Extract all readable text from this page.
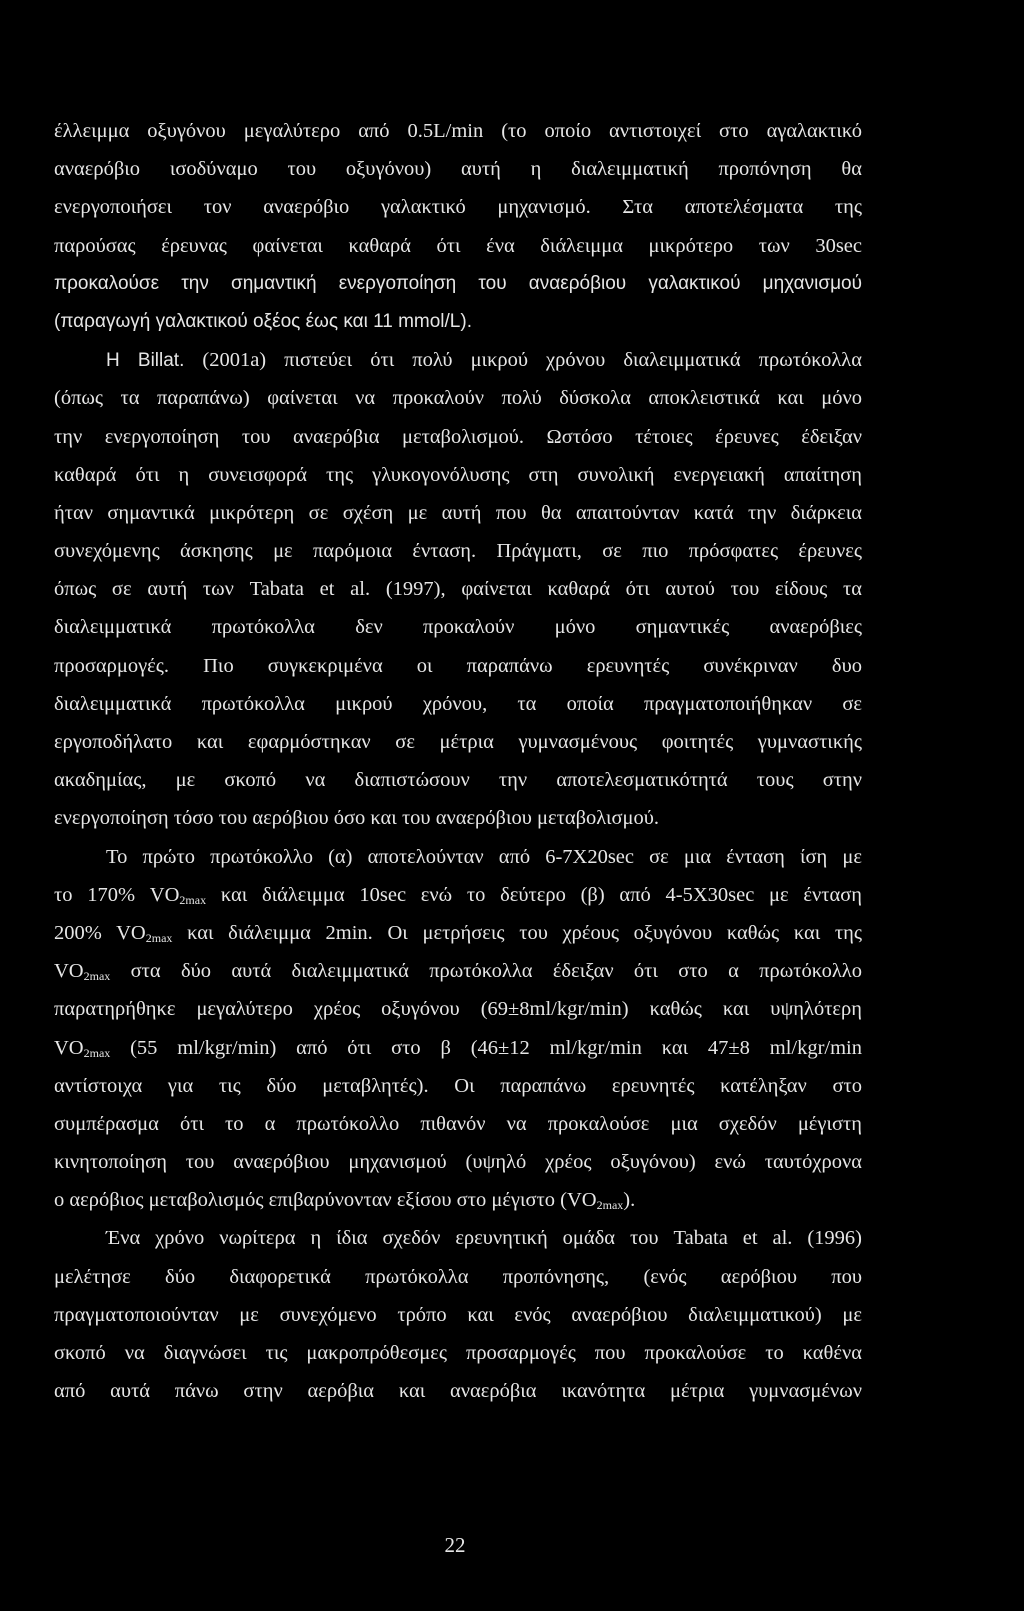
έλλειμμα οξυγόνου μεγαλύτερο από 0.5L/min (το οποίο αντιστοιχεί στο αγαλακτικό
αναερόβιο ισοδύναμο του οξυγόνου) αυτή η διαλειμματική προπόνηση θα
ενεργοποιήσει τον αναερόβιο γαλακτικό μηχανισμό. Στα αποτελέσματα της
παρούσας έρευνας φαίνεται καθαρά ότι ένα διάλειμμα μικρότερο των 30sec
προκαλούσε την σημαντική ενεργοποίηση του αναερόβιου γαλακτικού μηχανισμού
(παραγωγή γαλακτικού οξέος έως και 11 mmol/L).
H Billat. (2001a) πιστεύει ότι πολύ μικρού χρόνου διαλειμματικά πρωτόκολλα
(όπως τα παραπάνω) φαίνεται να προκαλούν πολύ δύσκολα αποκλειστικά και μόνο
την ενεργοποίηση του αναερόβια μεταβολισμού. Ωστόσο τέτοιες έρευνες έδειξαν
καθαρά ότι η συνεισφορά της γλυκογονόλυσης στη συνολική ενεργειακή απαίτηση
ήταν σημαντικά μικρότερη σε σχέση με αυτή που θα απαιτούνταν κατά την διάρκεια
συνεχόμενης άσκησης με παρόμοια ένταση. Πράγματι, σε πιο πρόσφατες έρευνες
όπως σε αυτή των Tabata et al. (1997), φαίνεται καθαρά ότι αυτού του είδους τα
διαλειμματικά πρωτόκολλα δεν προκαλούν μόνο σημαντικές αναερόβιες
προσαρμογές. Πιο συγκεκριμένα οι παραπάνω ερευνητές συνέκριναν δυο
διαλειμματικά πρωτόκολλα μικρού χρόνου, τα οποία πραγματοποιήθηκαν σε
εργοποδήλατο και εφαρμόστηκαν σε μέτρια γυμνασμένους φοιτητές γυμναστικής
ακαδημίας, με σκοπό να διαπιστώσουν την αποτελεσματικότητά τους στην
ενεργοποίηση τόσο του αερόβιου όσο και του αναερόβιου μεταβολισμού.
Το πρώτο πρωτόκολλο (α) αποτελούνταν από 6-7Χ20sec σε μια ένταση ίση με
το 170% $VO_{2max}$ και διάλειμμα 10sec ενώ το δεύτερο (β) από 4-5Χ30sec με ένταση
200% $VO_{2max}$ και διάλειμμα 2min. Οι μετρήσεις του χρέους οξυγόνου καθώς και της
$VO_{2max}$ στα δύο αυτά διαλειμματικά πρωτόκολλα έδειξαν ότι στο α πρωτόκολλο
παρατηρήθηκε μεγαλύτερο χρέος οξυγόνου (69±8ml/kgr/min) καθώς και υψηλότερη
$VO_{2max}$ (55 ml/kgr/min) από ότι στο β (46±12 ml/kgr/min και 47±8 ml/kgr/min
αντίστοιχα για τις δύο μεταβλητές). Οι παραπάνω ερευνητές κατέληξαν στο
συμπέρασμα ότι το α πρωτόκολλο πιθανόν να προκαλούσε μια σχεδόν μέγιστη
κινητοποίηση του αναερόβιου μηχανισμού (υψηλό χρέος οξυγόνου) ενώ ταυτόχρονα
ο αερόβιος μεταβολισμός επιβαρύνονταν εξίσου στο μέγιστο $(VO_{2max})$.
Ένα χρόνο νωρίτερα η ίδια σχεδόν ερευνητική ομάδα του Tabata et al. (1996)
μελέτησε δύο διαφορετικά πρωτόκολλα προπόνησης, (ενός αερόβιου που
πραγματοποιούνταν με συνεχόμενο τρόπο και ενός αναερόβιου διαλειμματικού) με
σκοπό να διαγνώσει τις μακροπρόθεσμες προσαρμογές που προκαλούσε το καθένα
από αυτά πάνω στην αερόβια και αναερόβια ικανότητα μέτρια γυμνασμένων
22
